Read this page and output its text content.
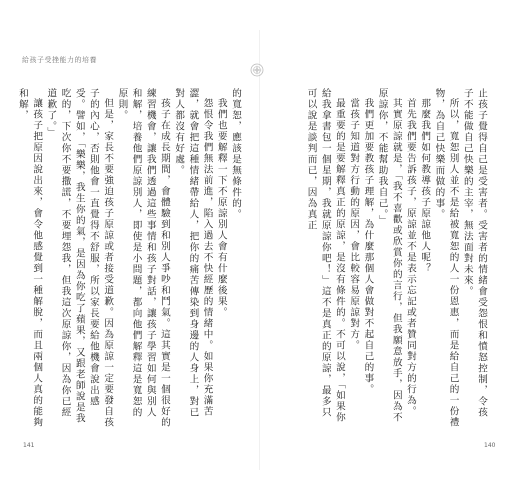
給孩子受挫能力的培養

止孩子覺得自己是受害者。受害者的情緒會受怨恨和憤怒控制，令孩子不能做自己快樂的主宰，無法面對未來。

所以，寬恕別人並不是給被寬恕的人一份恩惠，而是給自己的一份禮物，為自己快樂而做的事。

那麼我們如何教導孩子原諒他人呢？

首先我們要告訴孩子，原諒並不是表示忘記或者贊同對方的行為。

其實原諒就是，「我不喜歡或欣賞你的言行，但我願意放手，因為不原諒你，不能幫助我自己。」

我們更加要教孩子理解，為什麼那個人會做對不起自己的事。

當孩子知道對方行動的原因，會比較容易原諒對方。

最重要的是要解釋真正的原諒，是沒有條件的。不可以說，「如果你給我拿書包一個星期，我就原諒你吧！」這不是真正的原諒，最多只可以說是談判而已，因為真正

的寬恕，應該是無條件的。

我們也要解釋一下不原諒別人會有什麼後果。

怨恨令我們無法前進，陷入過去不快經歷的情緒中。如果你充滿苦澀，就會把這種情緒帶給人，把你的痛苦傳染到身邊的人身上，對已對人都沒有好處。

孩子在成長期間，會體驗到和別人爭吵和鬥氣。這其實是一個很好的練習機會，讓我們透過這些事情和孩子對話，讓孩子學習如何與別人和解，培養他們原諒別人，即使是小問題，都向他們解釋這是寬恕的原則。

但是，家長不要強迫孩子原諒或者接受道歉。因為原諒一定要發自孩子的內心，否則他會一直覺得不舒服，所以家長要給他機會說出感受。譬如，「樂樂，我生你的氣，是因為你吃了蘋果，又跟老師說是我吃的，下次你不要撒謊，不要埋怨我，但我這次原諒你，因為你已經道歉了。」

讓孩子把原因說出來，會令他感覺到一種解脫，而且兩個人真的能夠和解，

141	140
